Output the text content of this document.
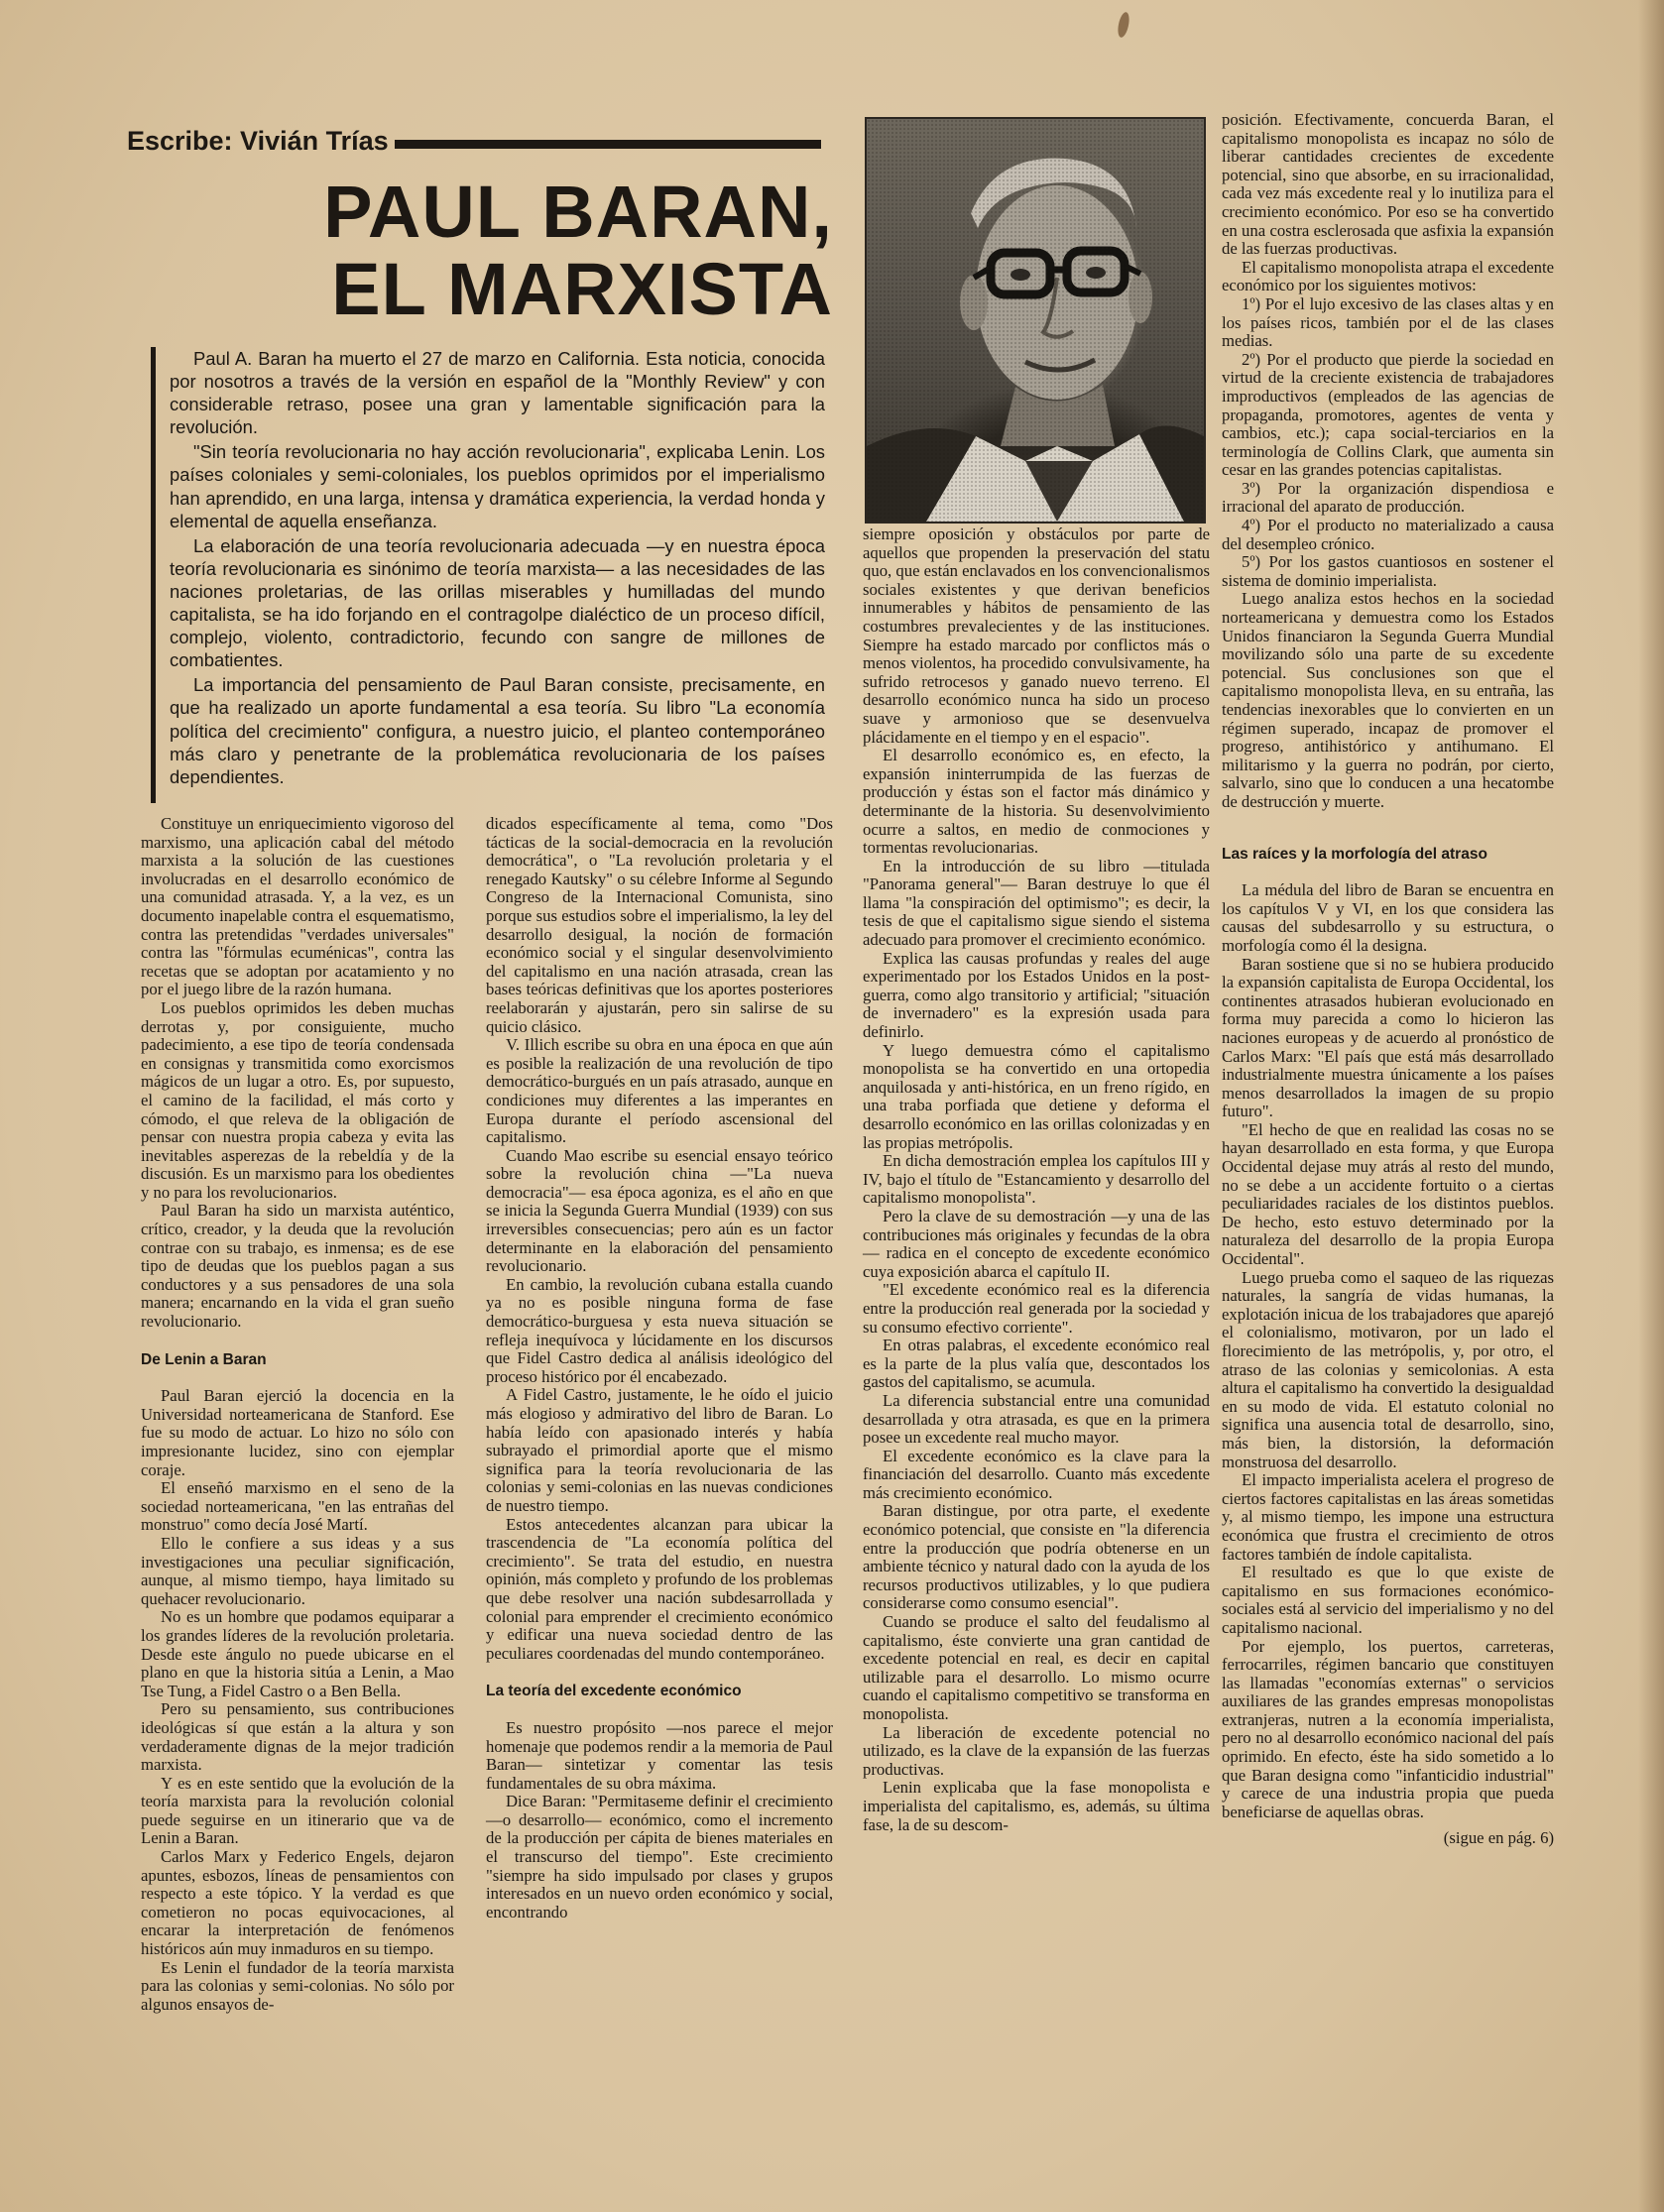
Escribe: Vivián Trías
PAUL BARAN,
EL MARXISTA

Paul A. Baran ha muerto el 27 de marzo en California. Esta noticia, conocida por nosotros a través de la versión en español de la "Monthly Review" y con considerable retraso, posee una gran y lamentable significación para la revolución.

"Sin teoría revolucionaria no hay acción revolucionaria", explicaba Lenin. Los países coloniales y semi-coloniales, los pueblos oprimidos por el imperialismo han aprendido, en una larga, intensa y dramática experiencia, la verdad honda y elemental de aquella enseñanza.

La elaboración de una teoría revolucionaria adecuada —y en nuestra época teoría revolucionaria es sinónimo de teoría marxista— a las necesidades de las naciones proletarias, de las orillas miserables y humilladas del mundo capitalista, se ha ido forjando en el contragolpe dialéctico de un proceso difícil, complejo, violento, contradictorio, fecundo con sangre de millones de combatientes.

La importancia del pensamiento de Paul Baran consiste, precisamente, en que ha realizado un aporte fundamental a esa teoría. Su libro "La economía política del crecimiento" configura, a nuestro juicio, el planteo contemporáneo más claro y penetrante de la problemática revolucionaria de los países dependientes.

Constituye un enriquecimiento vigoroso del marxismo, una aplicación cabal del método marxista a la solución de las cuestiones involucradas en el desarrollo económico de una comunidad atrasada. Y, a la vez, es un documento inapelable contra el esquematismo, contra las pretendidas "verdades universales" contra las "fórmulas ecuménicas", contra las recetas que se adoptan por acatamiento y no por el juego libre de la razón humana.

Los pueblos oprimidos les deben muchas derrotas y, por consiguiente, mucho padecimiento, a ese tipo de teoría condensada en consignas y transmitida como exorcismos mágicos de un lugar a otro. Es, por supuesto, el camino de la facilidad, el más corto y cómodo, el que releva de la obligación de pensar con nuestra propia cabeza y evita las inevitables asperezas de la rebeldía y de la discusión. Es un marxismo para los obedientes y no para los revolucionarios.

Paul Baran ha sido un marxista auténtico, crítico, creador, y la deuda que la revolución contrae con su trabajo, es inmensa; es de ese tipo de deudas que los pueblos pagan a sus conductores y a sus pensadores de una sola manera; encarnando en la vida el gran sueño revolucionario.

De Lenin a Baran

Paul Baran ejerció la docencia en la Universidad norteamericana de Stanford. Ese fue su modo de actuar. Lo hizo no sólo con impresionante lucidez, sino con ejemplar coraje.

El enseñó marxismo en el seno de la sociedad norteamericana, "en las entrañas del monstruo" como decía José Martí.

Ello le confiere a sus ideas y a sus investigaciones una peculiar significación, aunque, al mismo tiempo, haya limitado su quehacer revolucionario.

No es un hombre que podamos equiparar a los grandes líderes de la revolución proletaria. Desde este ángulo no puede ubicarse en el plano en que la historia sitúa a Lenin, a Mao Tse Tung, a Fidel Castro o a Ben Bella.

Pero su pensamiento, sus contribuciones ideológicas sí que están a la altura y son verdaderamente dignas de la mejor tradición marxista.

Y es en este sentido que la evolución de la teoría marxista para la revolución colonial puede seguirse en un itinerario que va de Lenin a Baran.

Carlos Marx y Federico Engels, dejaron apuntes, esbozos, líneas de pensamientos con respecto a este tópico. Y la verdad es que cometieron no pocas equivocaciones, al encarar la interpretación de fenómenos históricos aún muy inmaduros en su tiempo.

Es Lenin el fundador de la teoría marxista para las colonias y semi-colonias. No sólo por algunos ensayos de-

dicados específicamente al tema, como "Dos tácticas de la social-democracia en la revolución democrática", o "La revolución proletaria y el renegado Kautsky" o su célebre Informe al Segundo Congreso de la Internacional Comunista, sino porque sus estudios sobre el imperialismo, la ley del desarrollo desigual, la noción de formación económico social y el singular desenvolvimiento del capitalismo en una nación atrasada, crean las bases teóricas definitivas que los aportes posteriores reelaborarán y ajustarán, pero sin salirse de su quicio clásico.

V. Illich escribe su obra en una época en que aún es posible la realización de una revolución de tipo democrático-burgués en un país atrasado, aunque en condiciones muy diferentes a las imperantes en Europa durante el período ascensional del capitalismo.

Cuando Mao escribe su esencial ensayo teórico sobre la revolución china —"La nueva democracia"— esa época agoniza, es el año en que se inicia la Segunda Guerra Mundial (1939) con sus irreversibles consecuencias; pero aún es un factor determinante en la elaboración del pensamiento revolucionario.

En cambio, la revolución cubana estalla cuando ya no es posible ninguna forma de fase democrático-burguesa y esta nueva situación se refleja inequívoca y lúcidamente en los discursos que Fidel Castro dedica al análisis ideológico del proceso histórico por él encabezado.

A Fidel Castro, justamente, le he oído el juicio más elogioso y admirativo del libro de Baran. Lo había leído con apasionado interés y había subrayado el primordial aporte que el mismo significa para la teoría revolucionaria de las colonias y semi-colonias en las nuevas condiciones de nuestro tiempo.

Estos antecedentes alcanzan para ubicar la trascendencia de "La economía política del crecimiento". Se trata del estudio, en nuestra opinión, más completo y profundo de los problemas que debe resolver una nación subdesarrollada y colonial para emprender el crecimiento económico y edificar una nueva sociedad dentro de las peculiares coordenadas del mundo contemporáneo.

La teoría del excedente económico

Es nuestro propósito —nos parece el mejor homenaje que podemos rendir a la memoria de Paul Baran— sintetizar y comentar las tesis fundamentales de su obra máxima.

Dice Baran: "Permitaseme definir el crecimiento —o desarrollo— económico, como el incremento de la producción per cápita de bienes materiales en el transcurso del tiempo". Este crecimiento "siempre ha sido impulsado por clases y grupos interesados en un nuevo orden económico y social, encontrando

siempre oposición y obstáculos por parte de aquellos que propenden la preservación del statu quo, que están enclavados en los convencionalismos sociales existentes y que derivan beneficios innumerables y hábitos de pensamiento de las costumbres prevalecientes y de las instituciones. Siempre ha estado marcado por conflictos más o menos violentos, ha procedido convulsivamente, ha sufrido retrocesos y ganado nuevo terreno. El desarrollo económico nunca ha sido un proceso suave y armonioso que se desenvuelva plácidamente en el tiempo y en el espacio".

El desarrollo económico es, en efecto, la expansión ininterrumpida de las fuerzas de producción y éstas son el factor más dinámico y determinante de la historia. Su desenvolvimiento ocurre a saltos, en medio de conmociones y tormentas revolucionarias.

En la introducción de su libro —titulada "Panorama general"— Baran destruye lo que él llama "la conspiración del optimismo"; es decir, la tesis de que el capitalismo sigue siendo el sistema adecuado para promover el crecimiento económico.

Explica las causas profundas y reales del auge experimentado por los Estados Unidos en la post-guerra, como algo transitorio y artificial; "situación de invernadero" es la expresión usada para definirlo.

Y luego demuestra cómo el capitalismo monopolista se ha convertido en una ortopedia anquilosada y anti-histórica, en un freno rígido, en una traba porfiada que detiene y deforma el desarrollo económico en las orillas colonizadas y en las propias metrópolis.

En dicha demostración emplea los capítulos III y IV, bajo el título de "Estancamiento y desarrollo del capitalismo monopolista".

Pero la clave de su demostración —y una de las contribuciones más originales y fecundas de la obra— radica en el concepto de excedente económico cuya exposición abarca el capítulo II.

"El excedente económico real es la diferencia entre la producción real generada por la sociedad y su consumo efectivo corriente".

En otras palabras, el excedente económico real es la parte de la plus valía que, descontados los gastos del capitalismo, se acumula.

La diferencia substancial entre una comunidad desarrollada y otra atrasada, es que en la primera posee un excedente real mucho mayor.

El excedente económico es la clave para la financiación del desarrollo. Cuanto más excedente más crecimiento económico.

Baran distingue, por otra parte, el exedente económico potencial, que consiste en "la diferencia entre la producción que podría obtenerse en un ambiente técnico y natural dado con la ayuda de los recursos productivos utilizables, y lo que pudiera considerarse como consumo esencial".

Cuando se produce el salto del feudalismo al capitalismo, éste convierte una gran cantidad de excedente potencial en real, es decir en capital utilizable para el desarrollo. Lo mismo ocurre cuando el capitalismo competitivo se transforma en monopolista.

La liberación de excedente potencial no utilizado, es la clave de la expansión de las fuerzas productivas.

Lenin explicaba que la fase monopolista e imperialista del capitalismo, es, además, su última fase, la de su descom-

posición. Efectivamente, concuerda Baran, el capitalismo monopolista es incapaz no sólo de liberar cantidades crecientes de excedente potencial, sino que absorbe, en su irracionalidad, cada vez más excedente real y lo inutiliza para el crecimiento económico. Por eso se ha convertido en una costra esclerosada que asfixia la expansión de las fuerzas productivas.

El capitalismo monopolista atrapa el excedente económico por los siguientes motivos:

1º) Por el lujo excesivo de las clases altas y en los países ricos, también por el de las clases medias.

2º) Por el producto que pierde la sociedad en virtud de la creciente existencia de trabajadores improductivos (empleados de las agencias de propaganda, promotores, agentes de venta y cambios, etc.); capa social-terciarios en la terminología de Collins Clark, que aumenta sin cesar en las grandes potencias capitalistas.

3º) Por la organización dispendiosa e irracional del aparato de producción.

4º) Por el producto no materializado a causa del desempleo crónico.

5º) Por los gastos cuantiosos en sostener el sistema de dominio imperialista.

Luego analiza estos hechos en la sociedad norteamericana y demuestra como los Estados Unidos financiaron la Segunda Guerra Mundial movilizando sólo una parte de su excedente potencial. Sus conclusiones son que el capitalismo monopolista lleva, en su entraña, las tendencias inexorables que lo convierten en un régimen superado, incapaz de promover el progreso, antihistórico y antihumano. El militarismo y la guerra no podrán, por cierto, salvarlo, sino que lo conducen a una hecatombe de destrucción y muerte.

Las raíces y la morfología del atraso

La médula del libro de Baran se encuentra en los capítulos V y VI, en los que considera las causas del subdesarrollo y su estructura, o morfología como él la designa.

Baran sostiene que si no se hubiera producido la expansión capitalista de Europa Occidental, los continentes atrasados hubieran evolucionado en forma muy parecida a como lo hicieron las naciones europeas y de acuerdo al pronóstico de Carlos Marx: "El país que está más desarrollado industrialmente muestra únicamente a los países menos desarrollados la imagen de su propio futuro".

"El hecho de que en realidad las cosas no se hayan desarrollado en esta forma, y que Europa Occidental dejase muy atrás al resto del mundo, no se debe a un accidente fortuito o a ciertas peculiaridades raciales de los distintos pueblos. De hecho, esto estuvo determinado por la naturaleza del desarrollo de la propia Europa Occidental".

Luego prueba como el saqueo de las riquezas naturales, la sangría de vidas humanas, la explotación inicua de los trabajadores que aparejó el colonialismo, motivaron, por un lado el florecimiento de las metrópolis, y, por otro, el atraso de las colonias y semicolonias. A esta altura el capitalismo ha convertido la desigualdad en su modo de vida. El estatuto colonial no significa una ausencia total de desarrollo, sino, más bien, la distorsión, la deformación monstruosa del desarrollo.

El impacto imperialista acelera el progreso de ciertos factores capitalistas en las áreas sometidas y, al mismo tiempo, les impone una estructura económica que frustra el crecimiento de otros factores también de índole capitalista.

El resultado es que lo que existe de capitalismo en sus formaciones económico-sociales está al servicio del imperialismo y no del capitalismo nacional.

Por ejemplo, los puertos, carreteras, ferrocarriles, régimen bancario que constituyen las llamadas "economías externas" o servicios auxiliares de las grandes empresas monopolistas extranjeras, nutren a la economía imperialista, pero no al desarrollo económico nacional del país oprimido. En efecto, éste ha sido sometido a lo que Baran designa como "infanticidio industrial" y carece de una industria propia que pueda beneficiarse de aquellas obras.

(sigue en pág. 6)
